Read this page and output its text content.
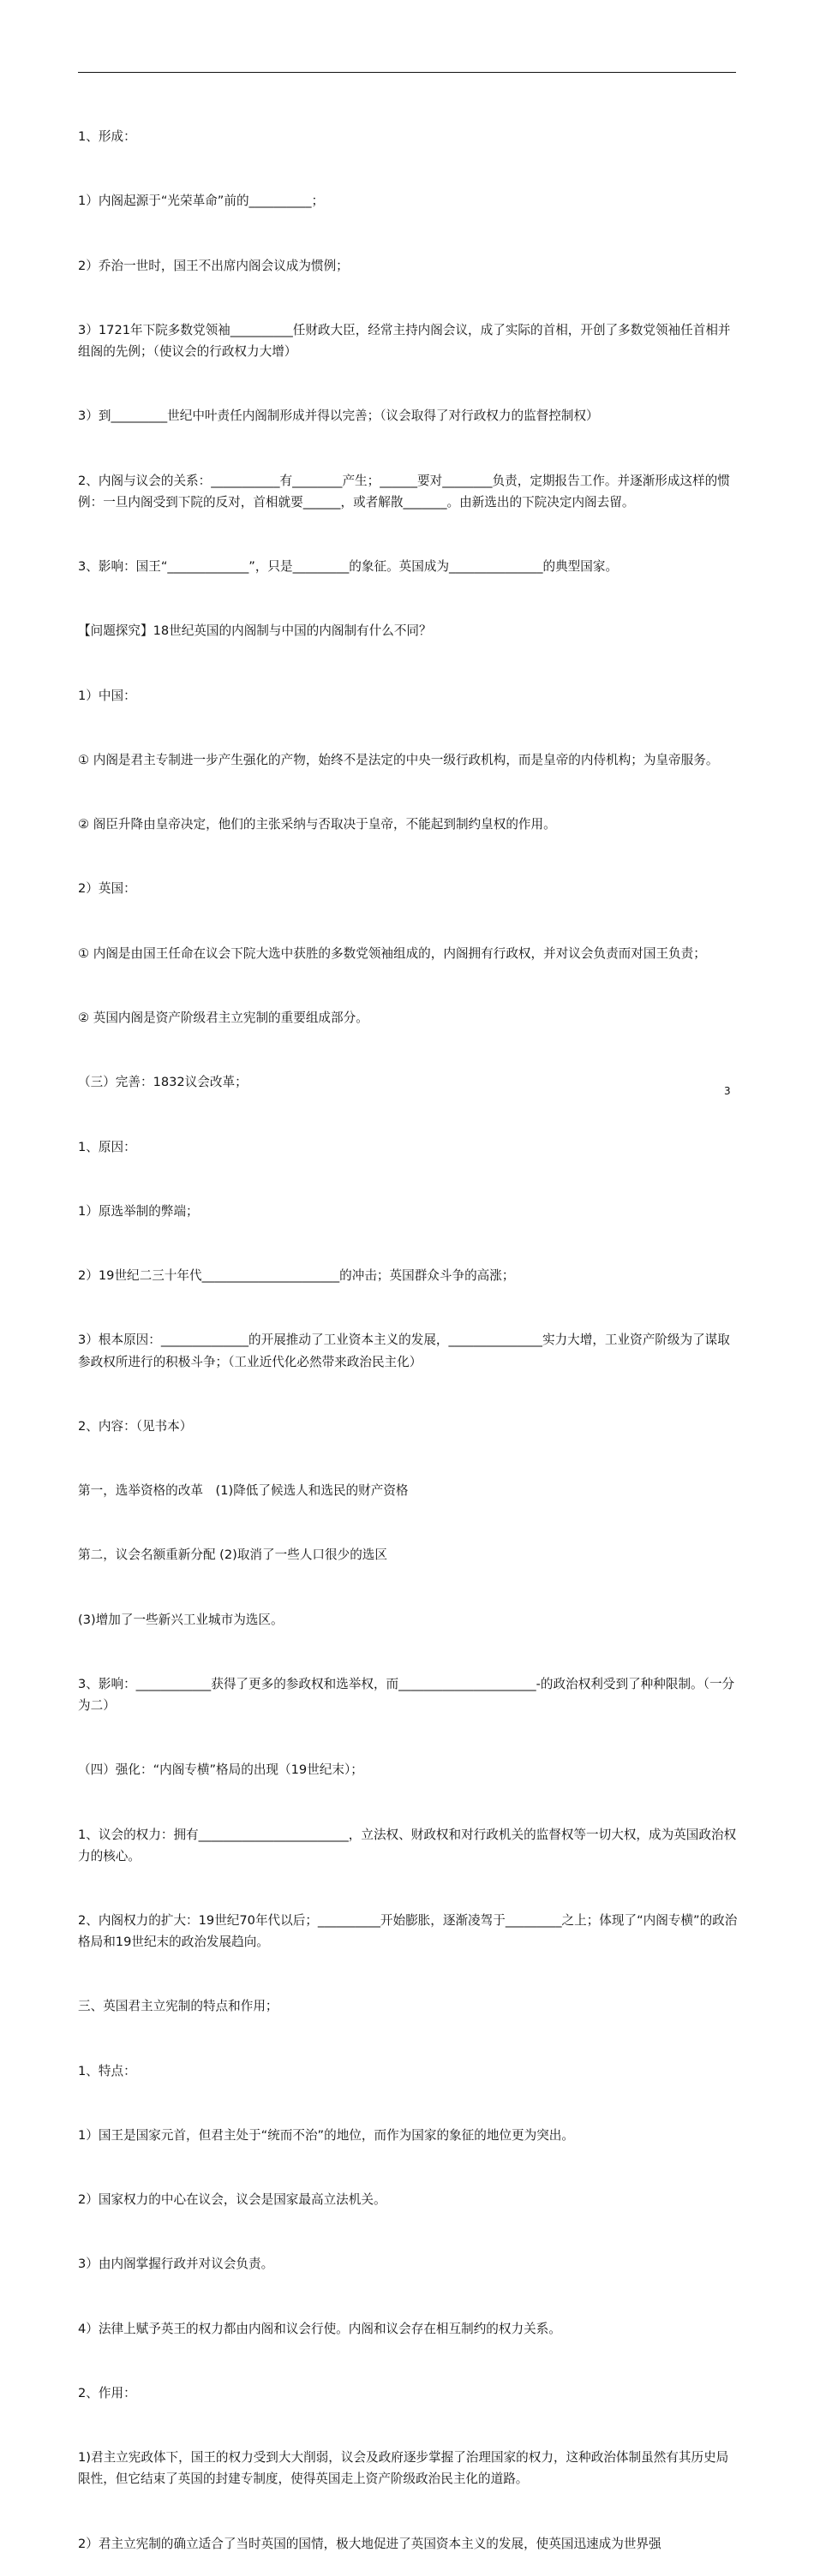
1、形成：

1）内阁起源于“光荣革命”前的__________；

2）乔治一世时，国王不出席内阁会议成为惯例；

3）1721年下院多数党领袖__________任财政大臣，经常主持内阁会议，成了实际的首相，开创了多数党领袖任首相并组阁的先例；（使议会的行政权力大增）

3）到_________世纪中叶责任内阁制形成并得以完善；（议会取得了对行政权力的监督控制权）

2、内阁与议会的关系：___________有________产生；______要对________负责，定期报告工作。并逐渐形成这样的惯例：一旦内阁受到下院的反对，首相就要______，或者解散_______。由新选出的下院决定内阁去留。

3、影响：国王“_____________”，只是_________的象征。英国成为_______________的典型国家。

【问题探究】18世纪英国的内阁制与中国的内阁制有什么不同？

1）中国：

① 内阁是君主专制进一步产生强化的产物，始终不是法定的中央一级行政机构，而是皇帝的内侍机构；为皇帝服务。

② 阁臣升降由皇帝决定，他们的主张采纳与否取决于皇帝，不能起到制约皇权的作用。

2）英国：

① 内阁是由国王任命在议会下院大选中获胜的多数党领袖组成的，内阁拥有行政权，并对议会负责而对国王负责；

② 英国内阁是资产阶级君主立宪制的重要组成部分。

（三）完善：1832议会改革；

1、原因：

1）原选举制的弊端；

2）19世纪二三十年代______________________的冲击；英国群众斗争的高涨；

3）根本原因：______________的开展推动了工业资本主义的发展，_______________实力大增，工业资产阶级为了谋取参政权所进行的积极斗争；（工业近代化必然带来政治民主化）

2、内容：（见书本）

第一，选举资格的改革　(1)降低了候选人和选民的财产资格

第二，议会名额重新分配 (2)取消了一些人口很少的选区

(3)增加了一些新兴工业城市为选区。

3、影响：____________获得了更多的参政权和选举权，而______________________-的政治权利受到了种种限制。（一分为二）

（四）强化：“内阁专横”格局的出现（19世纪末）；

1、议会的权力：拥有________________________，立法权、财政权和对行政机关的监督权等一切大权，成为英国政治权力的核心。

2、内阁权力的扩大：19世纪70年代以后；__________开始膨胀，逐渐凌驾于_________之上；体现了“内阁专横”的政治格局和19世纪末的政治发展趋向。

三、英国君主立宪制的特点和作用；

1、特点：

1）国王是国家元首，但君主处于“统而不治”的地位，而作为国家的象征的地位更为突出。

2）国家权力的中心在议会，议会是国家最高立法机关。

3）由内阁掌握行政并对议会负责。

4）法律上赋予英王的权力都由内阁和议会行使。内阁和议会存在相互制约的权力关系。

2、作用：

1)君主立宪政体下，国王的权力受到大大削弱，议会及政府逐步掌握了治理国家的权力，这种政治体制虽然有其历史局限性，但它结束了英国的封建专制度，使得英国走上资产阶级政治民主化的道路。

2）君主立宪制的确立适合了当时英国的国情，极大地促进了英国资本主义的发展，使英国迅速成为世界强

3
